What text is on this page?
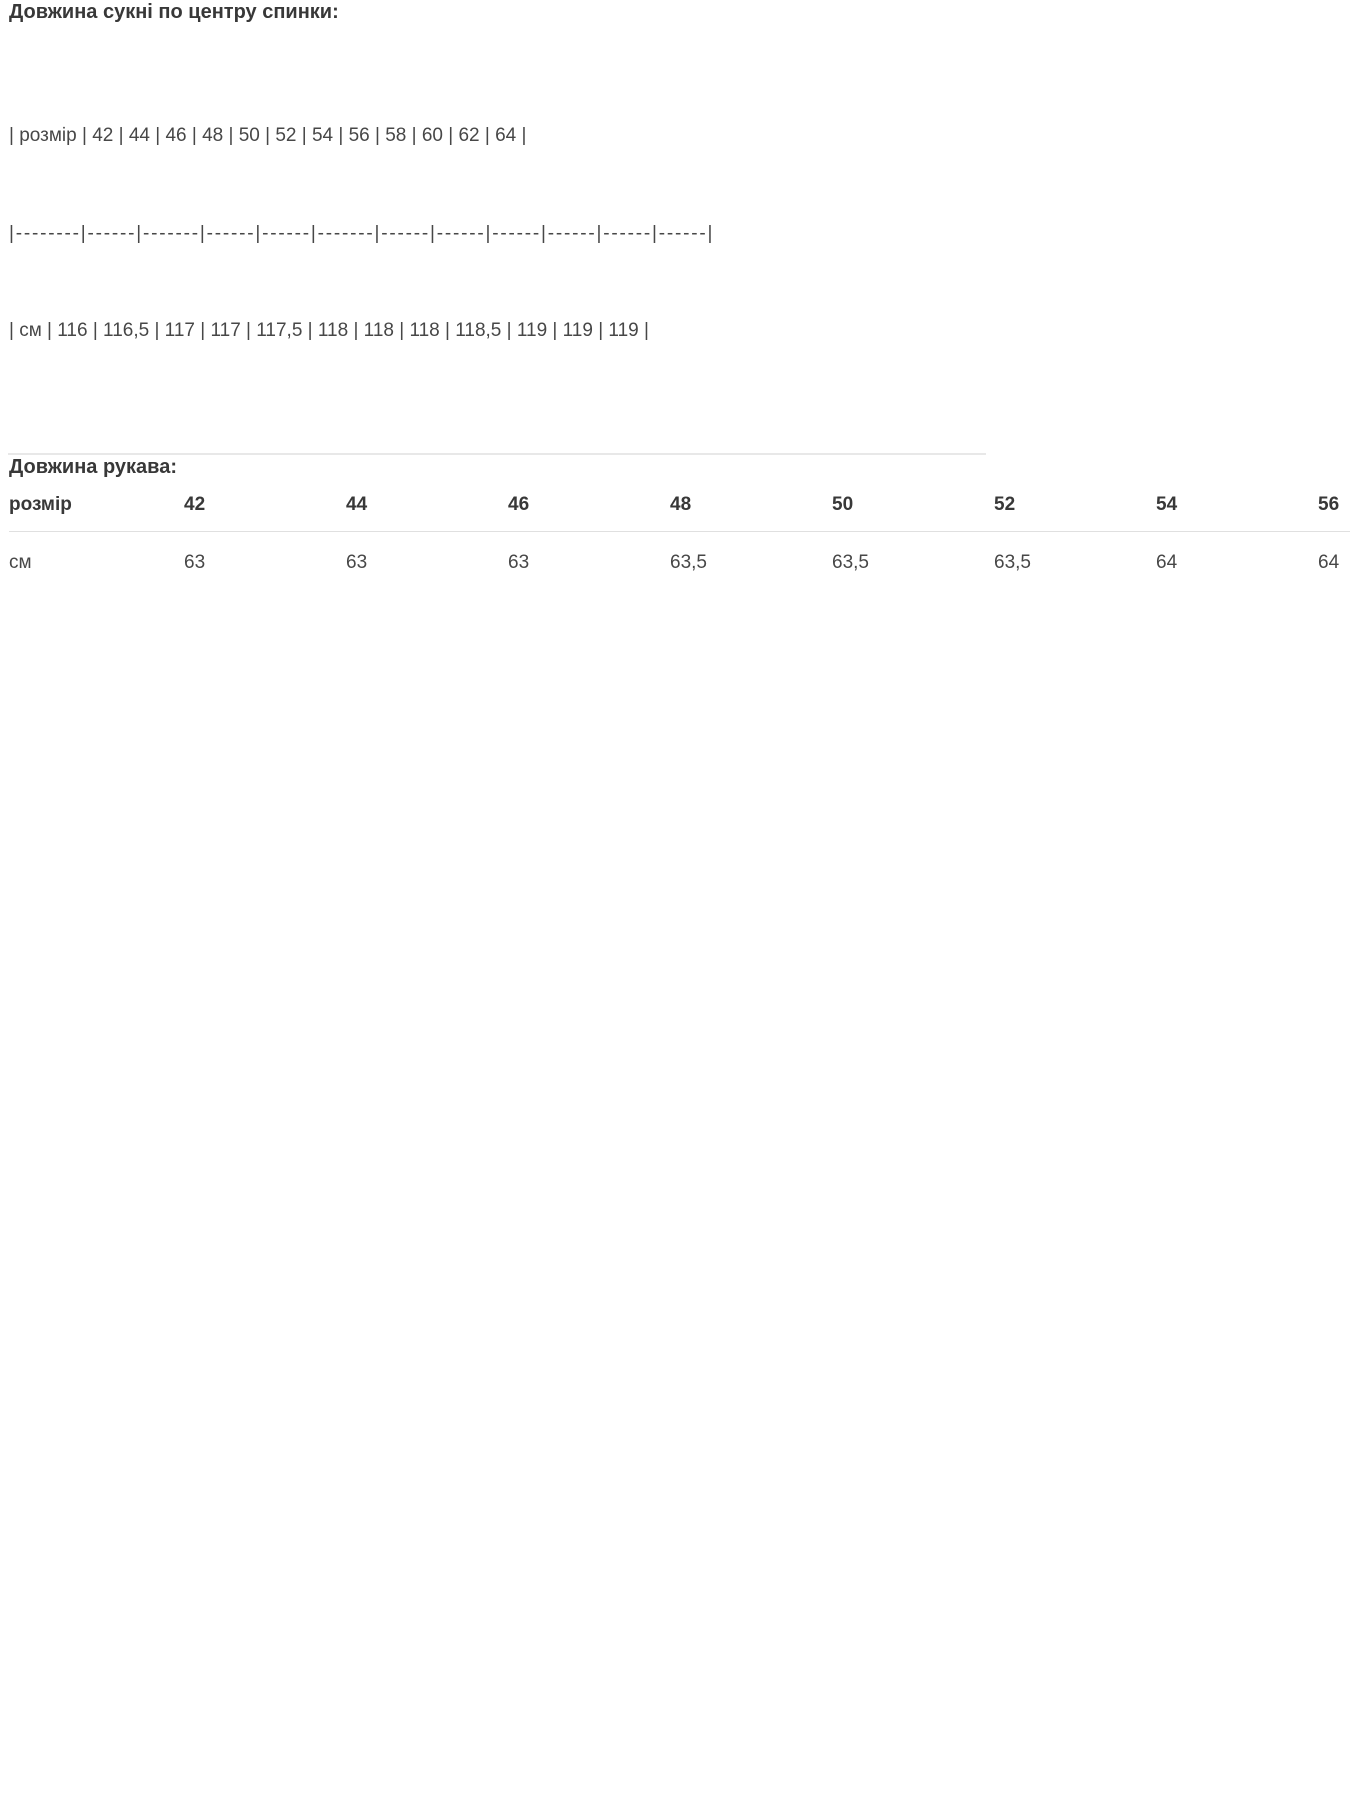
Довжина сукні по центру спинки:

| розмір | 42 | 44 | 46 | 48 | 50 | 52 | 54 | 56 | 58 | 60 | 62 | 64 |

|--------|------|-------|------|------|-------|------|------|------|------|------|------|

| см | 116 | 116,5 | 117 | 117 | 117,5 | 118 | 118 | 118 | 118,5 | 119 | 119 | 119 |

Довжина рукава:
розмір	42	44	46	48	50	52	54	56
см	63	63	63	63,5	63,5	63,5	64	64
